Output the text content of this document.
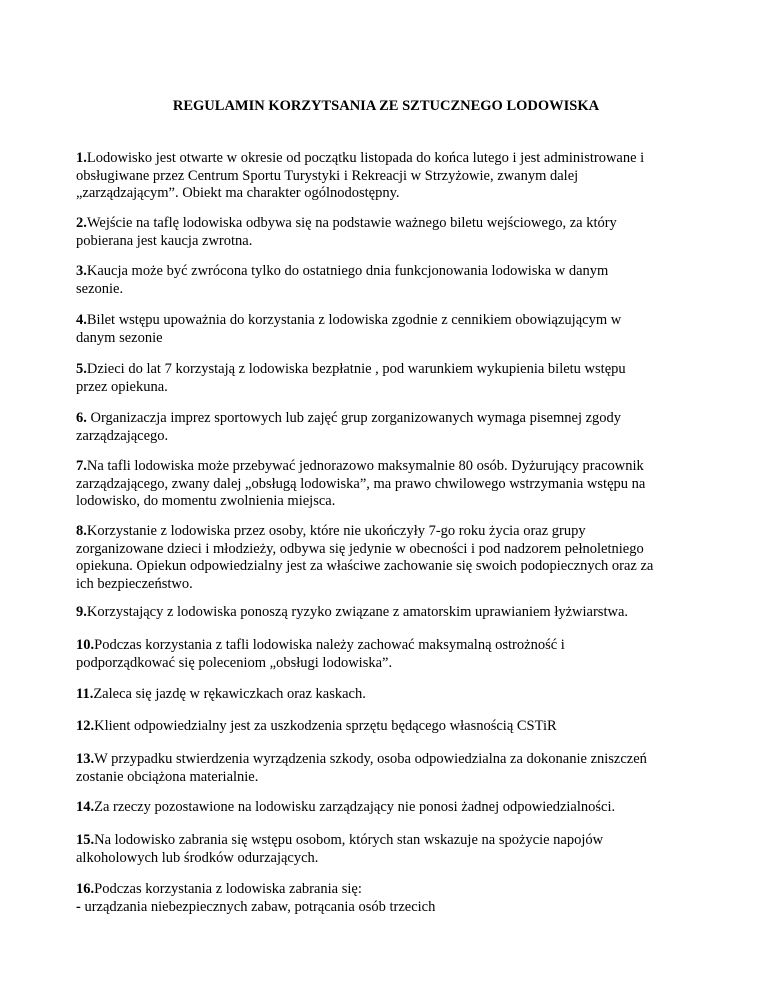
REGULAMIN KORZYTSANIA ZE SZTUCZNEGO LODOWISKA
1.Lodowisko jest otwarte w okresie od początku listopada do końca lutego i jest administrowane i
obsługiwane przez Centrum Sportu Turystyki i Rekreacji w Strzyżowie, zwanym dalej
„zarządzającym”. Obiekt ma charakter ogólnodostępny.
2.Wejście na taflę lodowiska odbywa się na podstawie ważnego biletu wejściowego, za który
pobierana jest kaucja zwrotna.
3.Kaucja może być zwrócona tylko do ostatniego dnia funkcjonowania lodowiska w danym
sezonie.
4.Bilet wstępu upoważnia do korzystania z lodowiska zgodnie z cennikiem obowiązującym w
danym sezonie
5.Dzieci do lat 7 korzystają z lodowiska bezpłatnie , pod warunkiem wykupienia biletu wstępu
przez opiekuna.
6. Organizaczja imprez sportowych lub zajęć grup zorganizowanych wymaga pisemnej zgody
zarządzającego.
7.Na tafli lodowiska może przebywać jednorazowo maksymalnie 80 osób. Dyżurujący pracownik
zarządzającego, zwany dalej „obsługą lodowiska”, ma prawo chwilowego wstrzymania wstępu na
lodowisko, do momentu zwolnienia miejsca.
8.Korzystanie z lodowiska przez osoby, które nie ukończyły 7-go roku życia oraz grupy
zorganizowane dzieci i młodzieży, odbywa się jedynie w obecności i pod nadzorem pełnoletniego
opiekuna. Opiekun odpowiedzialny jest za właściwe zachowanie się swoich podopiecznych oraz za
ich bezpieczeństwo.
9.Korzystający z lodowiska ponoszą ryzyko związane z amatorskim uprawianiem łyżwiarstwa.
10.Podczas korzystania z tafli lodowiska należy zachować maksymalną ostrożność i
podporządkować się poleceniom „obsługi lodowiska”.
11.Zaleca się jazdę w rękawiczkach oraz kaskach.
12.Klient odpowiedzialny jest za uszkodzenia sprzętu będącego własnością CSTiR
13.W przypadku stwierdzenia wyrządzenia szkody, osoba odpowiedzialna za dokonanie zniszczeń
zostanie obciążona materialnie.
14.Za rzeczy pozostawione na lodowisku zarządzający nie ponosi żadnej odpowiedzialności.
15.Na lodowisko zabrania się wstępu osobom, których stan wskazuje na spożycie napojów
alkoholowych lub środków odurzających.
16.Podczas korzystania z lodowiska zabrania się:
- urządzania niebezpiecznych zabaw, potrącania osób trzecich
